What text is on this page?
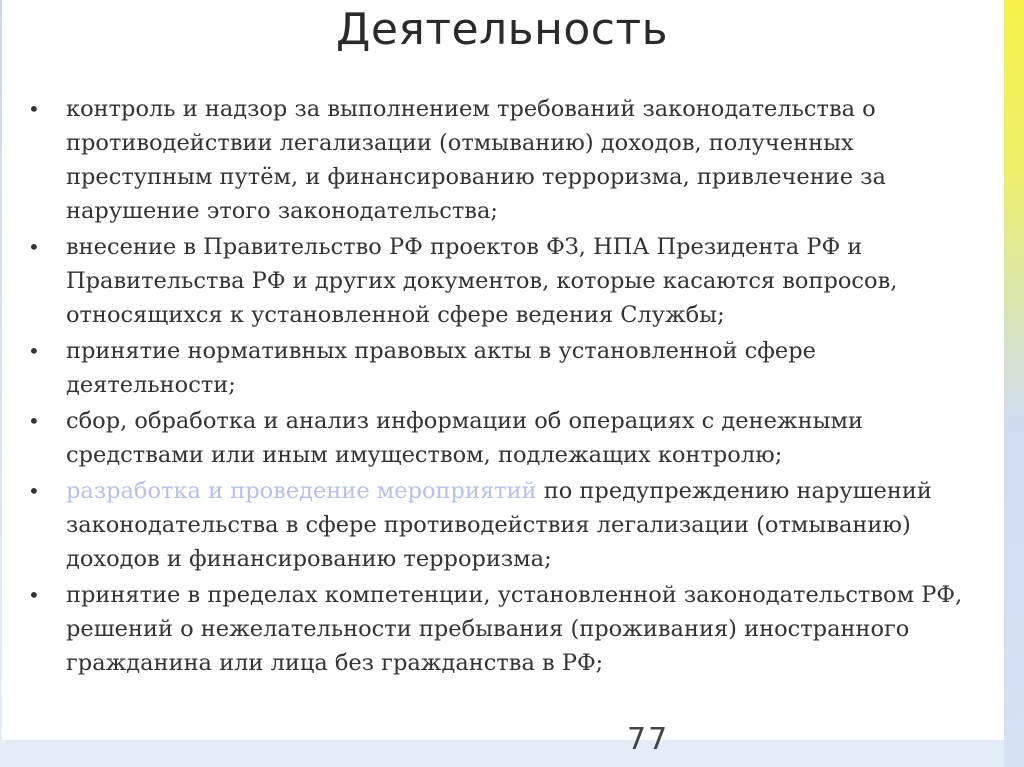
Деятельность
•	контроль и надзор за выполнением требований законодательства о противодействии легализации (отмыванию) доходов, полученных преступным путём, и финансированию терроризма, привлечение за нарушение этого законодательства;
•	внесение в Правительство РФ проектов ФЗ, НПА Президента РФ и Правительства РФ и других документов, которые касаются вопросов, относящихся к установленной сфере ведения Службы;
•	принятие нормативных правовых акты в установленной сфере деятельности;
•	сбор, обработка и анализ информации об операциях с денежными средствами или иным имуществом, подлежащих контролю;
•	разработка и проведение мероприятий по предупреждению нарушений законодательства в сфере противодействия легализации (отмыванию) доходов и финансированию терроризма;
•	принятие в пределах компетенции, установленной законодательством РФ, решений о нежелательности пребывания (проживания) иностранного гражданина или лица без гражданства в РФ;
77
